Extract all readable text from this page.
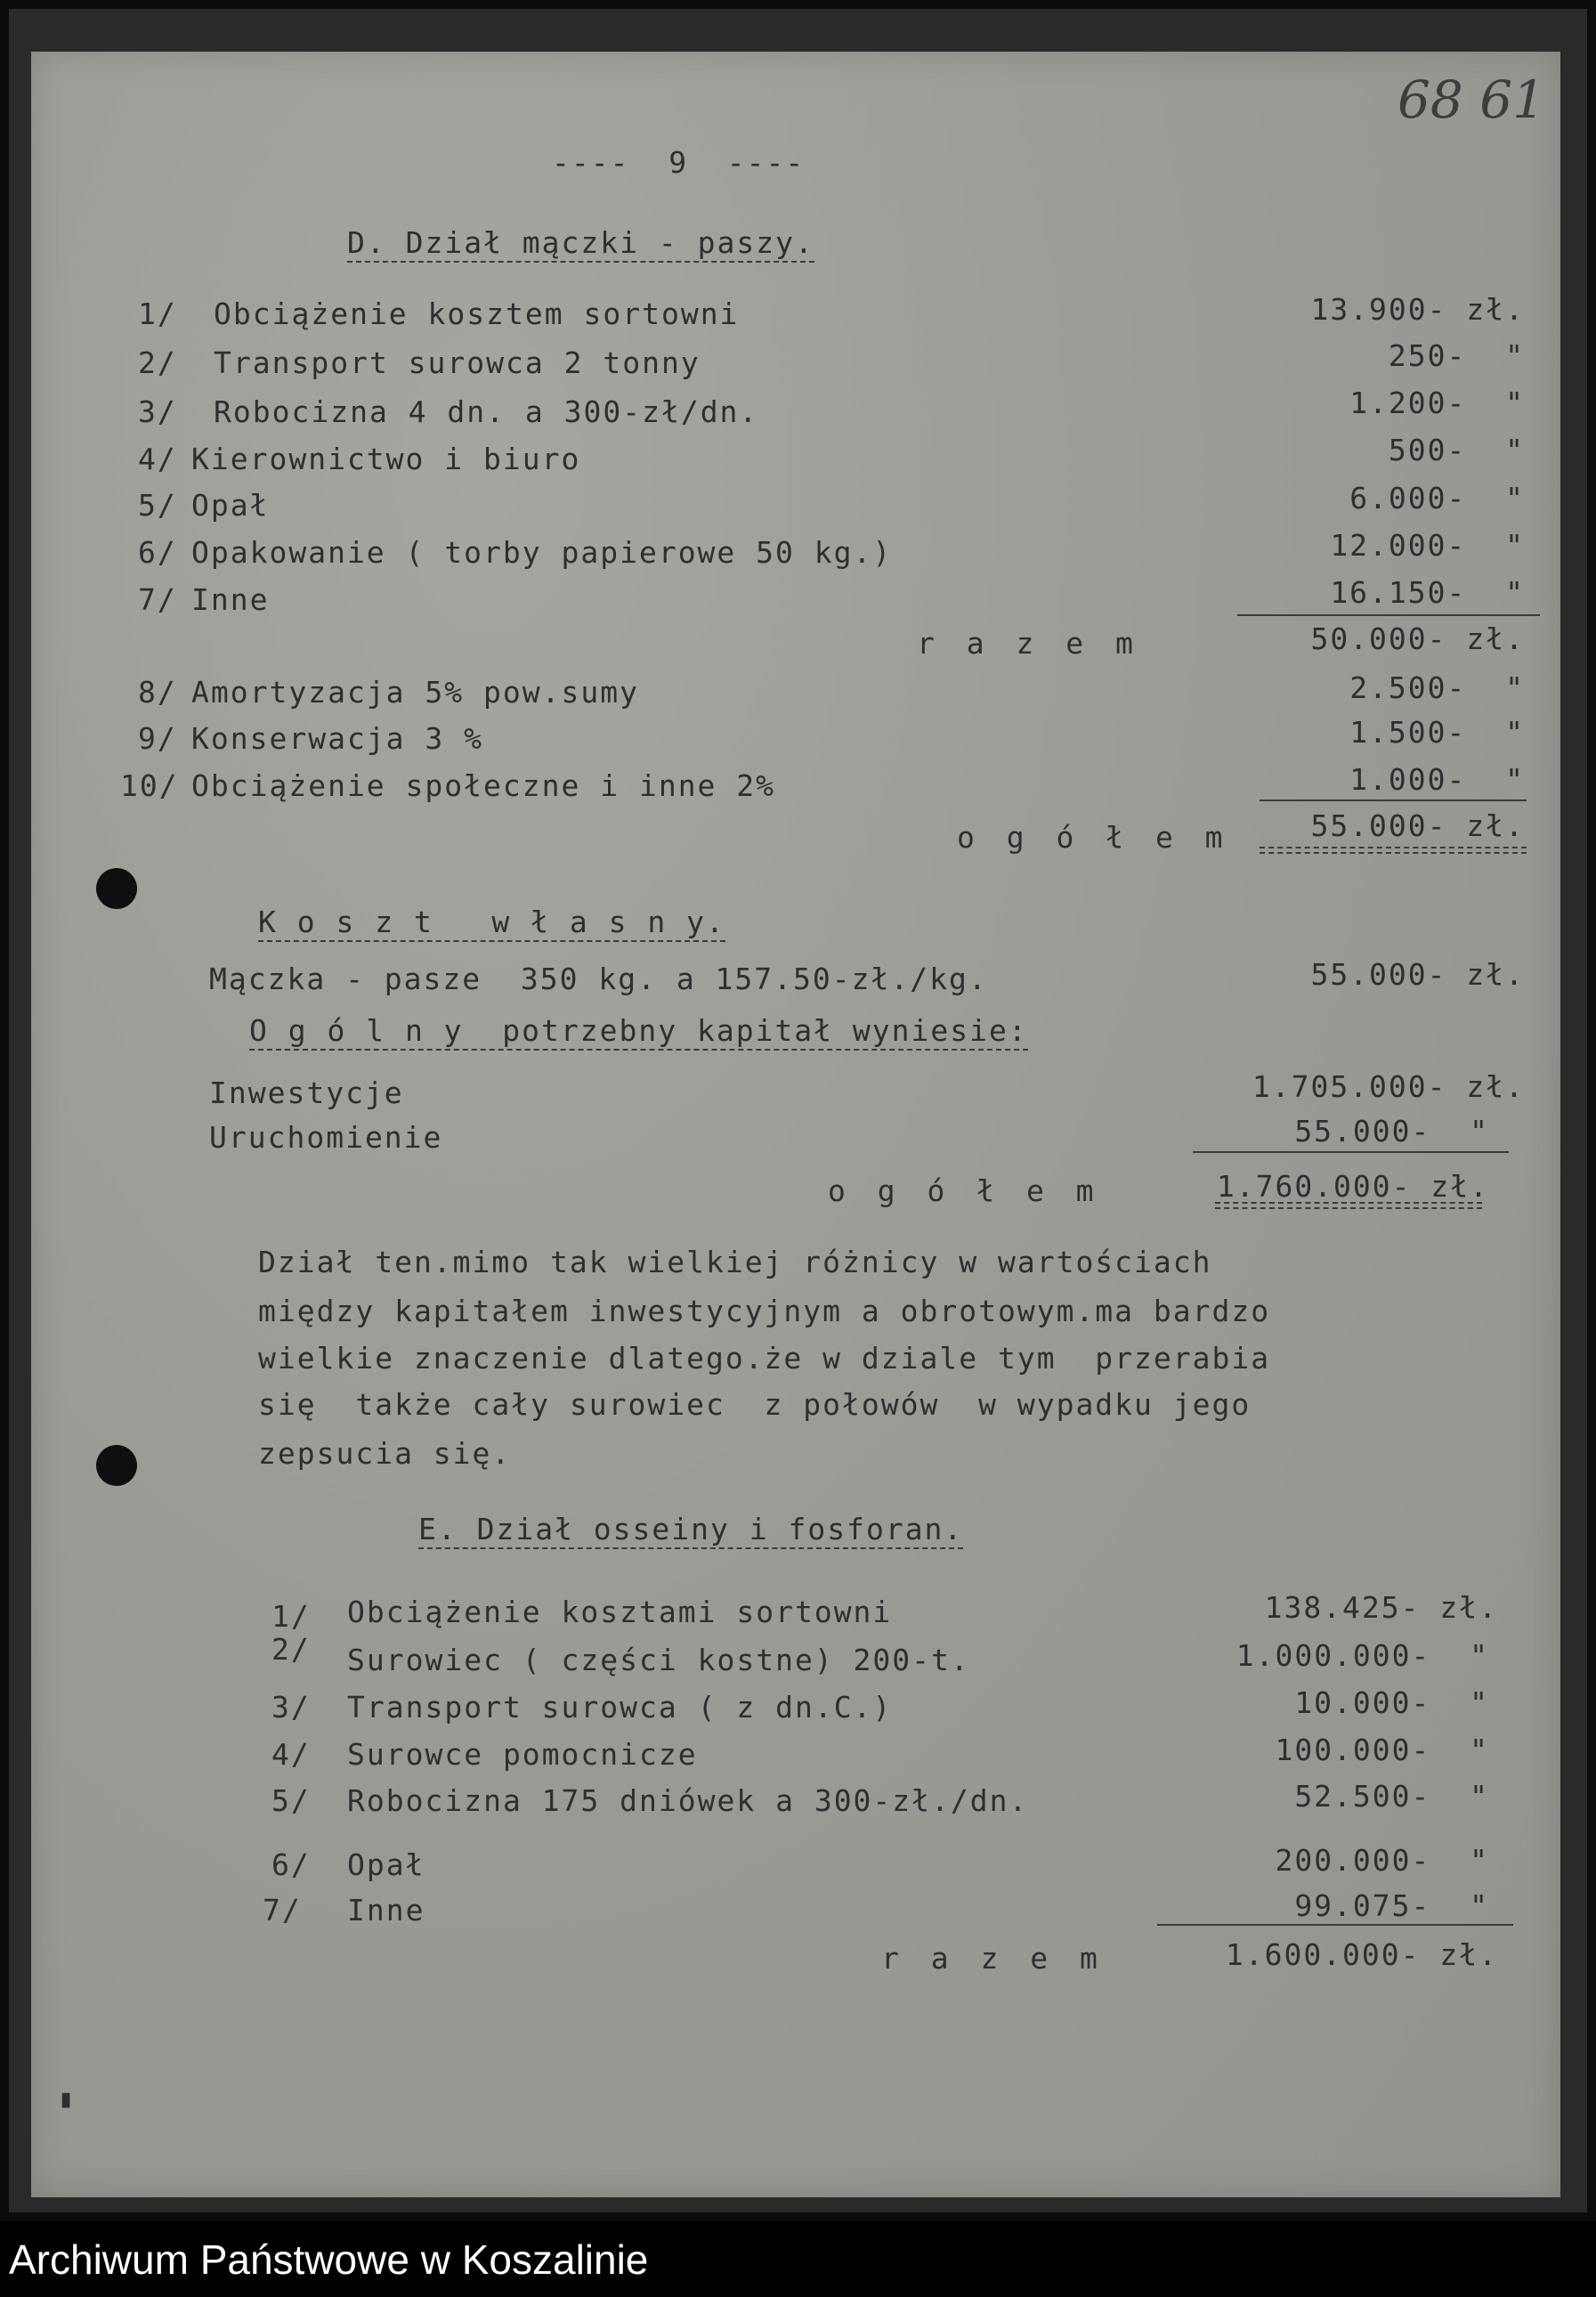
68 61
----  9  ----
D. Dział mączki - paszy.
1/ Obciążenie kosztem sortowni	13.900- zł.
2/ Transport surowca 2 tonny	250-  "
3/ Robocizna 4 dn. a 300-zł/dn.	1.200-  "
4/ Kierownictwo i biuro	500-  "
5/ Opał	6.000-  "
6/ Opakowanie ( torby papierowe 50 kg.)	12.000-  "
7/ Inne	16.150-  "
r a z e m	50.000- zł.
8/ Amortyzacja 5% pow.sumy	2.500-  "
9/ Konserwacja 3 %	1.500-  "
10/ Obciążenie społeczne i inne 2%	1.000-  "
o g ó ł e m	55.000- zł.
K o s z t   w ł a s n y.
Mączka - pasze  350 kg. a 157.50-zł./kg.	55.000- zł.
O g ó l n y  potrzebny kapitał wyniesie:
Inwestycje	1.705.000- zł.
Uruchomienie	55.000-  "
o g ó ł e m	1.760.000- zł.
Dział ten.mimo tak wielkiej różnicy w wartościach
między kapitałem inwestycyjnym a obrotowym.ma bardzo
wielkie znaczenie dlatego.że w dziale tym  przerabia
się  także cały surowiec  z połowów  w wypadku jego
zepsucia się.
E. Dział osseiny i fosforan.
1/ Obciążenie kosztami sortowni	138.425- zł.
2/ Surowiec ( części kostne) 200-t.	1.000.000-  "
3/ Transport surowca ( z dn.C.)	10.000-  "
4/ Surowce pomocnicze	100.000-  "
5/ Robocizna 175 dniówek a 300-zł./dn.	52.500-  "
6/ Opał	200.000-  "
7/ Inne	99.075-  "
r a z e m	1.600.000- zł.
▘
Archiwum Państwowe w Koszalinie
